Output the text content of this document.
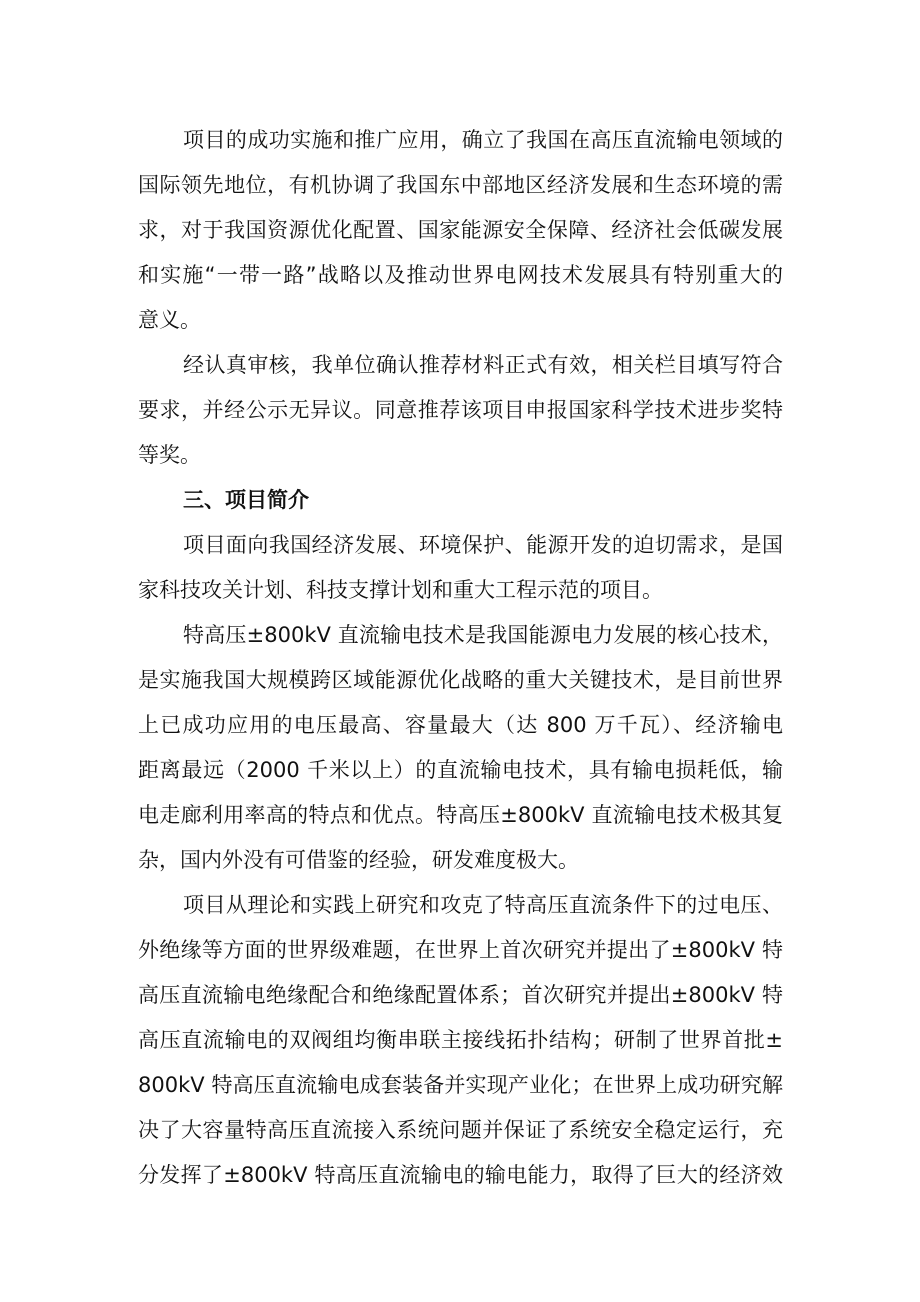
项目的成功实施和推广应用，确立了我国在高压直流输电领域的
国际领先地位，有机协调了我国东中部地区经济发展和生态环境的需
求，对于我国资源优化配置、国家能源安全保障、经济社会低碳发展
和实施“一带一路”战略以及推动世界电网技术发展具有特别重大的
意义。
经认真审核，我单位确认推荐材料正式有效，相关栏目填写符合
要求，并经公示无异议。同意推荐该项目申报国家科学技术进步奖特
等奖。
三、项目简介
项目面向我国经济发展、环境保护、能源开发的迫切需求，是国
家科技攻关计划、科技支撑计划和重大工程示范的项目。
特高压±800kV 直流输电技术是我国能源电力发展的核心技术，
是实施我国大规模跨区域能源优化战略的重大关键技术，是目前世界
上已成功应用的电压最高、容量最大（达 800 万千瓦）、经济输电
距离最远（2000 千米以上）的直流输电技术，具有输电损耗低，输
电走廊利用率高的特点和优点。特高压±800kV 直流输电技术极其复
杂，国内外没有可借鉴的经验，研发难度极大。
项目从理论和实践上研究和攻克了特高压直流条件下的过电压、
外绝缘等方面的世界级难题，在世界上首次研究并提出了±800kV 特
高压直流输电绝缘配合和绝缘配置体系；首次研究并提出±800kV 特
高压直流输电的双阀组均衡串联主接线拓扑结构；研制了世界首批±
800kV 特高压直流输电成套装备并实现产业化；在世界上成功研究解
决了大容量特高压直流接入系统问题并保证了系统安全稳定运行，充
分发挥了±800kV 特高压直流输电的输电能力，取得了巨大的经济效
